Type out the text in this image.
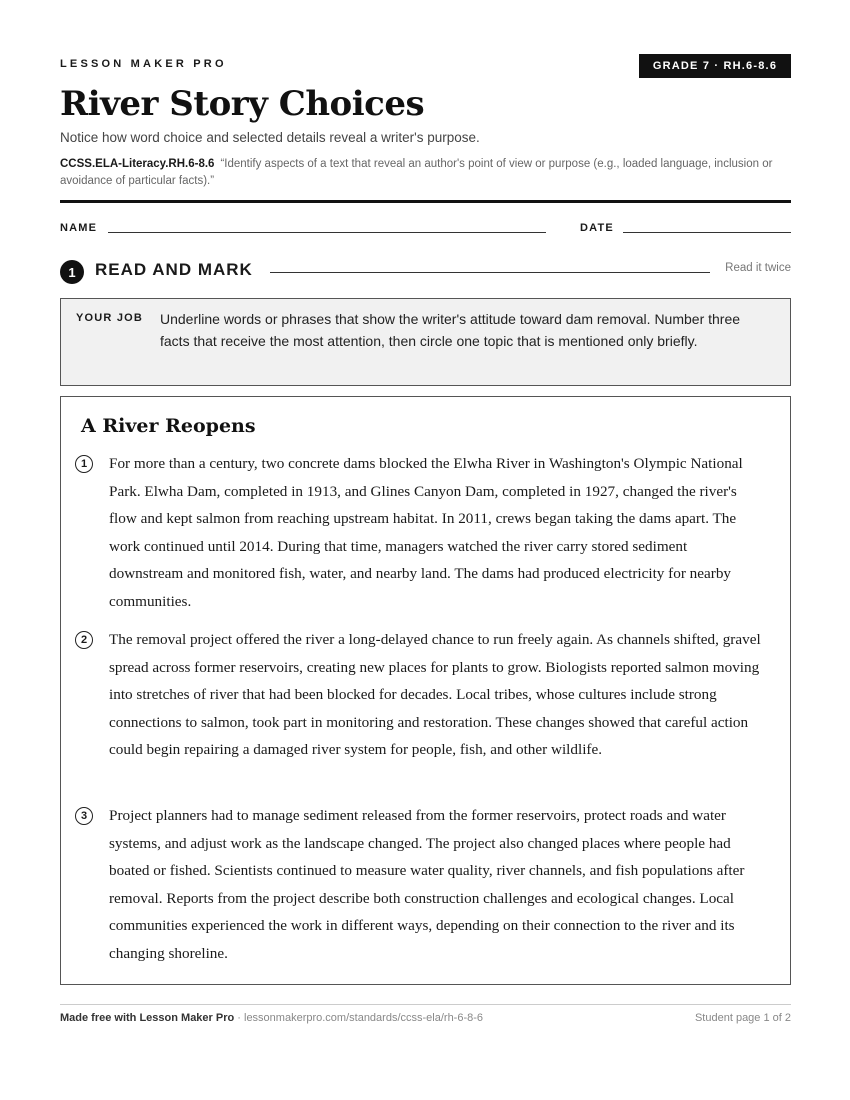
LESSON MAKER PRO	GRADE 7 · RH.6-8.6
River Story Choices
Notice how word choice and selected details reveal a writer's purpose.
CCSS.ELA-Literacy.RH.6-8.6 “Identify aspects of a text that reveal an author's point of view or purpose (e.g., loaded language, inclusion or avoidance of particular facts).”
NAME	DATE
1	READ AND MARK	Read it twice
YOUR JOB Underline words or phrases that show the writer's attitude toward dam removal. Number three facts that receive the most attention, then circle one topic that is mentioned only briefly.
A River Reopens
1	For more than a century, two concrete dams blocked the Elwha River in Washington's Olympic National Park. Elwha Dam, completed in 1913, and Glines Canyon Dam, completed in 1927, changed the river's flow and kept salmon from reaching upstream habitat. In 2011, crews began taking the dams apart. The work continued until 2014. During that time, managers watched the river carry stored sediment downstream and monitored fish, water, and nearby land. The dams had produced electricity for nearby communities.

2	The removal project offered the river a long-delayed chance to run freely again. As channels shifted, gravel spread across former reservoirs, creating new places for plants to grow. Biologists reported salmon moving into stretches of river that had been blocked for decades. Local tribes, whose cultures include strong connections to salmon, took part in monitoring and restoration. These changes showed that careful action could begin repairing a damaged river system for people, fish, and other wildlife.

3	Project planners had to manage sediment released from the former reservoirs, protect roads and water systems, and adjust work as the landscape changed. The project also changed places where people had boated or fished. Scientists continued to measure water quality, river channels, and fish populations after removal. Reports from the project describe both construction challenges and ecological changes. Local communities experienced the work in different ways, depending on their connection to the river and its changing shoreline.

Made free with Lesson Maker Pro · lessonmakerpro.com/standards/ccss-ela/rh-6-8-6	Student page 1 of 2
